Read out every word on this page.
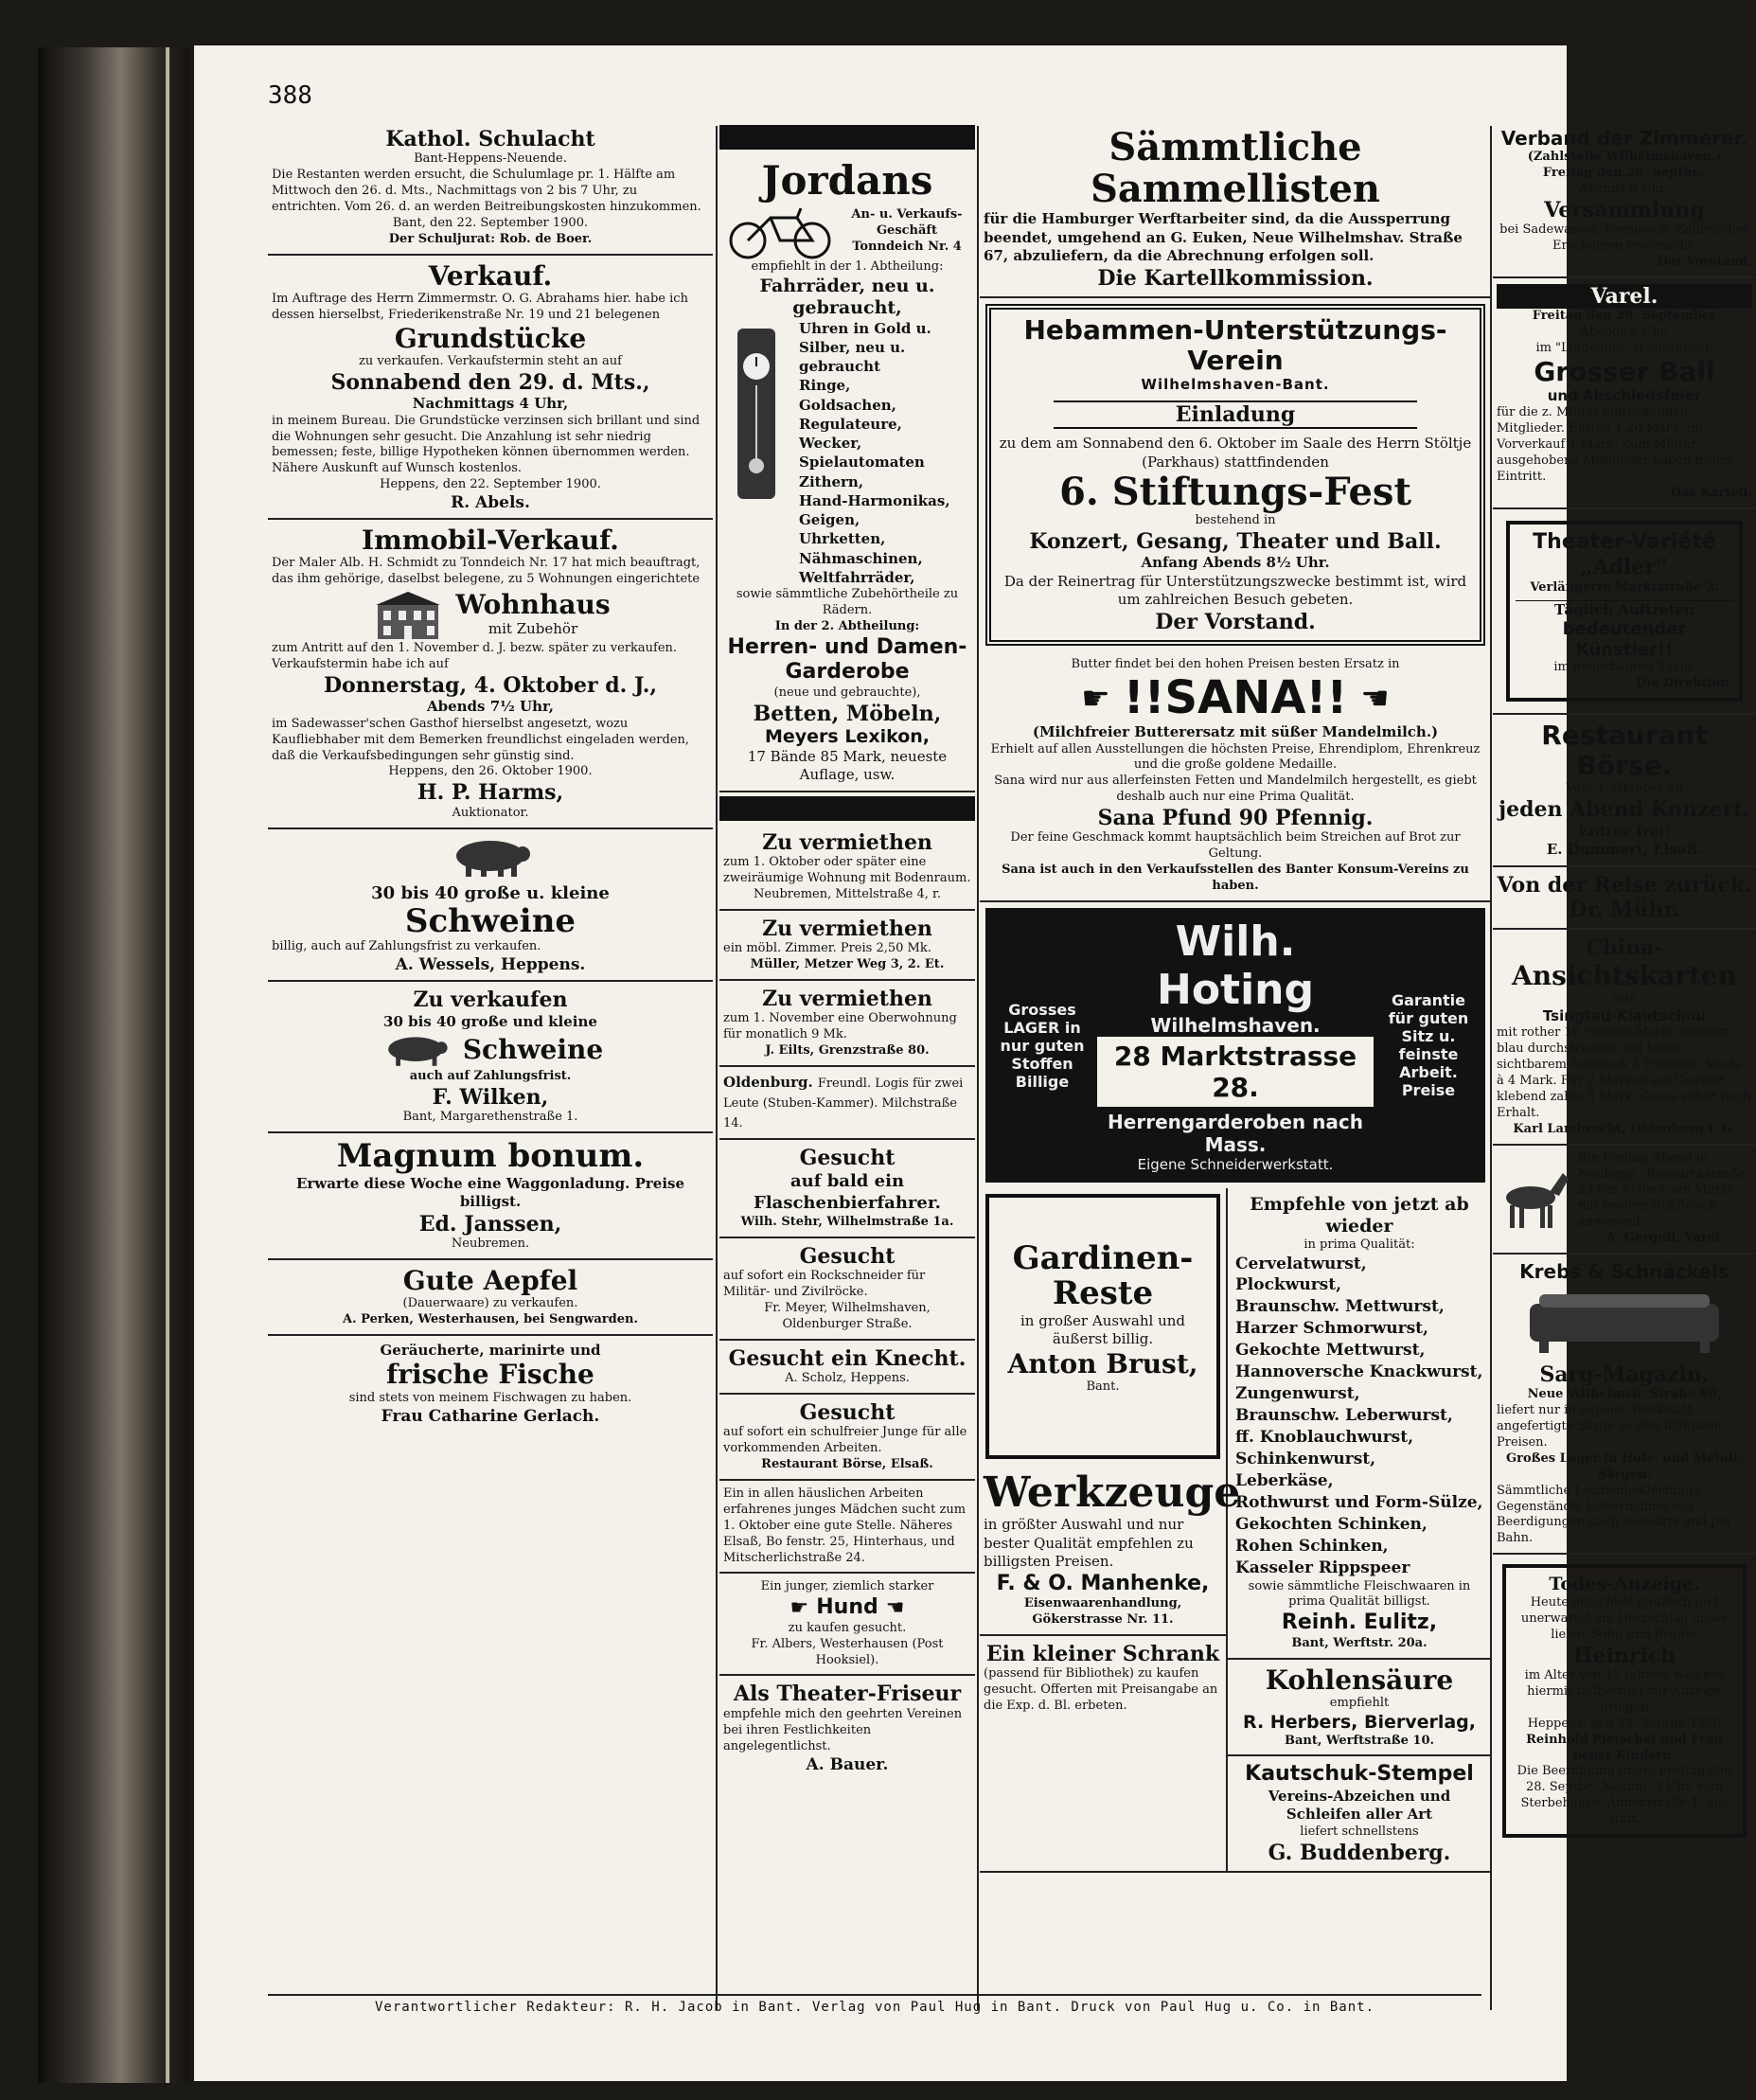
388
Kathol. Schulacht
Bant-Heppens-Neuende.
Die Restanten werden ersucht, die Schulumlage pr. 1. Hälfte am Mittwoch den 26. d. Mts., Nachmittags von 2 bis 7 Uhr, zu entrichten. Vom 26. d. an werden Beitreibungskosten hinzukommen.
Bant, den 22. September 1900.
Der Schuljurat: Rob. de Boer.
Verkauf.
Im Auftrage des Herrn Zimmermstr. O. G. Abrahams hier. habe ich dessen hierselbst, Friederikenstraße Nr. 19 und 21 belegenen
Grundstücke
zu verkaufen. Verkaufstermin steht an auf
Sonnabend den 29. d. Mts.,
Nachmittags 4 Uhr,
in meinem Bureau. Die Grundstücke verzinsen sich brillant und sind die Wohnungen sehr gesucht. Die Anzahlung ist sehr niedrig bemessen; feste, billige Hypotheken können übernommen werden. Nähere Auskunft auf Wunsch kostenlos.
Heppens, den 22. September 1900.
R. Abels.
Immobil-Verkauf.
Der Maler Alb. H. Schmidt zu Tonndeich Nr. 17 hat mich beauftragt, das ihm gehörige, daselbst belegene, zu 5 Wohnungen eingerichtete
Wohnhaus
mit Zubehör
zum Antritt auf den 1. November d. J. bezw. später zu verkaufen. Verkaufstermin habe ich auf
Donnerstag, 4. Oktober d. J.,
Abends 7½ Uhr,
im Sadewasser'schen Gasthof hierselbst angesetzt, wozu Kaufliebhaber mit dem Bemerken freundlichst eingeladen werden, daß die Verkaufsbedingungen sehr günstig sind.
Heppens, den 26. Oktober 1900.
H. P. Harms,
Auktionator.
30 bis 40 große u. kleine
Schweine
billig, auch auf Zahlungsfrist zu verkaufen.
A. Wessels, Heppens.
Zu verkaufen
30 bis 40 große und kleine
Schweine
auch auf Zahlungsfrist.
F. Wilken,
Bant, Margarethenstraße 1.
Magnum bonum.
Erwarte diese Woche eine Waggonladung. Preise billigst.
Ed. Janssen,
Neubremen.
Gute Aepfel
(Dauerwaare) zu verkaufen.
A. Perken, Westerhausen, bei Sengwarden.
Geräucherte, marinirte und
frische Fische
sind stets von meinem Fischwagen zu haben.
Frau Catharine Gerlach.
Jordans
An- u. Verkaufs-Geschäft
Tonndeich Nr. 4
empfiehlt in der 1. Abtheilung:
Fahrräder, neu u. gebraucht,
Uhren in Gold u. Silber, neu u. gebraucht
Ringe,
Goldsachen,
Regulateure,
Wecker,
Spielautomaten
Zithern,
Hand-Harmonikas,
Geigen,
Uhrketten,
Nähmaschinen,
Weltfahrräder,
sowie sämmtliche Zubehörtheile zu Rädern.
In der 2. Abtheilung:
Herren- und Damen-Garderobe
(neue und gebrauchte),
Betten, Möbeln,
Meyers Lexikon,
17 Bände 85 Mark, neueste Auflage, usw.
Zu vermiethen
zum 1. Oktober oder später eine zweiräumige Wohnung mit Bodenraum.
Neubremen, Mittelstraße 4, r.
Zu vermiethen
ein möbl. Zimmer. Preis 2,50 Mk.
Müller, Metzer Weg 3, 2. Et.
Zu vermiethen
zum 1. November eine Oberwohnung für monatlich 9 Mk.
J. Eilts, Grenzstraße 80.
Oldenburg. Freundl. Logis für zwei Leute (Stuben-Kammer). Milchstraße 14.
Gesucht
auf bald ein Flaschenbierfahrer.
Wilh. Stehr, Wilhelmstraße 1a.
Gesucht
auf sofort ein Rockschneider für Militär- und Zivilröcke.
Fr. Meyer, Wilhelmshaven, Oldenburger Straße.
Gesucht ein Knecht.
A. Scholz, Heppens.
Gesucht
auf sofort ein schulfreier Junge für alle vorkommenden Arbeiten.
Restaurant Börse, Elsaß.
Ein in allen häuslichen Arbeiten erfahrenes junges Mädchen sucht zum 1. Oktober eine gute Stelle. Näheres Elsaß, Bo fenstr. 25, Hinterhaus, und Mitscherlichstraße 24.
Ein junger, ziemlich starker
☛ Hund ☚
zu kaufen gesucht.
Fr. Albers, Westerhausen (Post Hooksiel).
Als Theater-Friseur
empfehle mich den geehrten Vereinen bei ihren Festlichkeiten angelegentlichst.
A. Bauer.
Sämmtliche Sammellisten
für die Hamburger Werftarbeiter sind, da die Aussperrung beendet, umgehend an G. Euken, Neue Wilhelmshav. Straße 67, abzuliefern, da die Abrechnung erfolgen soll.
Die Kartellkommission.
Hebammen-Unterstützungs-Verein
Wilhelmshaven-Bant.
Einladung
zu dem am Sonnabend den 6. Oktober im Saale des Herrn Stöltje (Parkhaus) stattfindenden
6. Stiftungs-Fest
bestehend in
Konzert, Gesang, Theater und Ball.
Anfang Abends 8½ Uhr.
Da der Reinertrag für Unterstützungszwecke bestimmt ist, wird um zahlreichen Besuch gebeten.
Der Vorstand.
Butter findet bei den hohen Preisen besten Ersatz in
☛ !!SANA!! ☚
(Milchfreier Butterersatz mit süßer Mandelmilch.)
Erhielt auf allen Ausstellungen die höchsten Preise, Ehrendiplom, Ehrenkreuz und die große goldene Medaille.
Sana wird nur aus allerfeinsten Fetten und Mandelmilch hergestellt, es giebt deshalb auch nur eine Prima Qualität.
Sana Pfund 90 Pfennig.
Der feine Geschmack kommt hauptsächlich beim Streichen auf Brot zur Geltung.
Sana ist auch in den Verkaufsstellen des Banter Konsum-Vereins zu haben.
Grosses LAGER in nur guten Stoffen Billige
Wilh. Hoting
Wilhelmshaven.
28 Marktstrasse 28.
Herrengarderoben nach Mass.
Eigene Schneiderwerkstatt.
Garantie für guten Sitz u. feinste Arbeit. Preise
Gardinen-Reste
in großer Auswahl und äußerst billig.
Anton Brust,
Bant.
Werkzeuge
in größter Auswahl und nur bester Qualität empfehlen zu billigsten Preisen.
F. & O. Manhenke,
Eisenwaarenhandlung, Gökerstrasse Nr. 11.
Ein kleiner Schrank
(passend für Bibliothek) zu kaufen gesucht. Offerten mit Preisangabe an die Exp. d. Bl. erbeten.
Empfehle von jetzt ab wieder
in prima Qualität:
Cervelatwurst,
Plockwurst,
Braunschw. Mettwurst,
Harzer Schmorwurst,
Gekochte Mettwurst,
Hannoversche Knackwurst,
Zungenwurst,
Braunschw. Leberwurst,
ff. Knoblauchwurst,
Schinkenwurst,
Leberkäse,
Rothwurst und Form-Sülze,
Gekochten Schinken,
Rohen Schinken,
Kasseler Rippspeer
sowie sämmtliche Fleischwaaren in prima Qualität billigst.
Reinh. Eulitz,
Bant, Werftstr. 20a.
Kohlensäure
empfiehlt
R. Herbers, Bierverlag,
Bant, Werftstraße 10.
Kautschuk-Stempel
Vereins-Abzeichen und Schleifen aller Art
liefert schnellstens
G. Buddenberg.
Verband der Zimmerer.
(Zahlstelle Wilhelmshaven.)
Freitag den 28. Septbr.,
Abends 8 Uhr:
Versammlung
bei Sadewasser, Tonndeich. Zahlreiches Erscheinen erwünscht.
Der Vorstand.
Varel.
Freitag den 28. September
Abends 6 Uhr,
im "Lindenhof" (Leuschner):
Grosser Ball
und Abschiedsfeier
für die z. Militär einrückenden Mitglieder. Entree 1,20 Mark, im Vorverkauf 1 Mark. Zum Militär ausgehobene Mitglieder haben freien Eintritt.
Das Kartell.
Theater-Variété
„Adler“
Verlängerte Marktstraße 2.
Täglich Auftreten
bedeutender Künstler!!
im neuerbauten Saale.
Die Direktion.
Restaurant Börse.
Vom 1. Oktober ab
jeden Abend Konzert.
Entree frei!
E. Dummert, Elsaß.
Von der Reise zurück.
Dr. Mühr.
China-
Ansichtskarten
aus
Tsingtau-Kiautschou
mit rother 10 Pfennig-Marke frankirt, blau durchstrichen und kaum sichtbarem Aufdruck 5 Pfennige, kaufe à 4 Mark. Für 2 Marken auf Couvert klebend zahle 8 Mark. Cassa sofort nach Erhalt.
Karl Lambrecht, Oldenburg i. G.
Bin Freitag Abend in Neuhepp., Bismarckstraße 23 (im Keller), am Markt mit bestem Roßfleisch anwesend.
A. Gergull, Varel.
Krebs & Schnäckels
Sarg-Magazin,
Neue Wilhelmsh. Straße 80,
liefert nur in eigener Werkstatt angefertigte Särge zu den billigsten Preisen.
Großes Lager in Holz- und Metall-Särgen.
Sämmtliche Leichenbekleidungs-Gegenstände. Uebernahme von Beerdigungen nach auswärts und per Bahn.
Todes-Anzeige.
Heute entschlief plötzlich und unerwartet am Herzschlag unser lieber Sohn und Bruder
Heinrich
im Alter von 17 Jahren, welches hiermit tiefbetrübt zur Anzeige bringen
Heppens, den 25. Septbr. 1900
Reinhold Pietschel und Frau nebst Kindern.
Die Beerdigung findet Freitag den 28. Septbr., Nachm. 3 Uhr, vom Sterbehause, Annenstraße 1, aus statt.
Verantwortlicher Redakteur: R. H. Jacob in Bant. Verlag von Paul Hug in Bant. Druck von Paul Hug u. Co. in Bant.
